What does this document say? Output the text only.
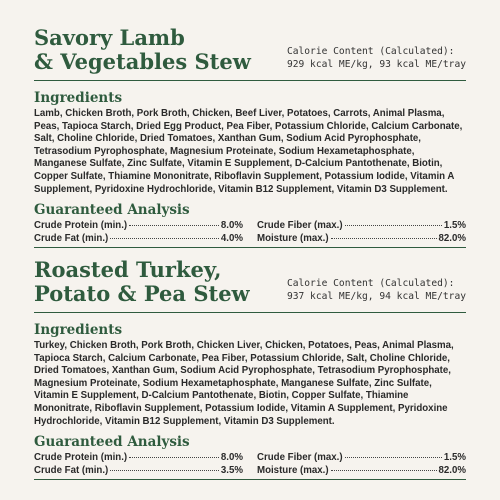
Savory Lamb
& Vegetables Stew	Calorie Content (Calculated):
929 kcal ME/kg, 93 kcal ME/tray
Ingredients

Lamb, Chicken Broth, Pork Broth, Chicken, Beef Liver, Potatoes, Carrots, Animal Plasma, Peas, Tapioca Starch, Dried Egg Product, Pea Fiber, Potassium Chloride, Calcium Carbonate, Salt, Choline Chloride, Dried Tomatoes, Xanthan Gum, Sodium Acid Pyrophosphate, Tetrasodium Pyrophosphate, Magnesium Proteinate, Sodium Hexametaphosphate, Manganese Sulfate, Zinc Sulfate, Vitamin E Supplement, D-Calcium Pantothenate, Biotin, Copper Sulfate, Thiamine Mononitrate, Riboflavin Supplement, Potassium Iodide, Vitamin A Supplement, Pyridoxine Hydrochloride, Vitamin B12 Supplement, Vitamin D3 Supplement.

Guaranteed Analysis
Crude Protein (min.)	8.0% Crude Fiber (max.)	1.5%
Crude Fat (min.)	4.0% Moisture (max.)	82.0%
Roasted Turkey,
Potato & Pea Stew	Calorie Content (Calculated):
937 kcal ME/kg, 94 kcal ME/tray
Ingredients

Turkey, Chicken Broth, Pork Broth, Chicken Liver, Chicken, Potatoes, Peas, Animal Plasma, Tapioca Starch, Calcium Carbonate, Pea Fiber, Potassium Chloride, Salt, Choline Chloride, Dried Tomatoes, Xanthan Gum, Sodium Acid Pyrophosphate, Tetrasodium Pyrophosphate, Magnesium Proteinate, Sodium Hexametaphosphate, Manganese Sulfate, Zinc Sulfate, Vitamin E Supplement, D-Calcium Pantothenate, Biotin, Copper Sulfate, Thiamine Mononitrate, Riboflavin Supplement, Potassium Iodide, Vitamin A Supplement, Pyridoxine Hydrochloride, Vitamin B12 Supplement, Vitamin D3 Supplement.

Guaranteed Analysis
Crude Protein (min.)	8.0% Crude Fiber (max.)	1.5%
Crude Fat (min.)	3.5% Moisture (max.)	82.0%
